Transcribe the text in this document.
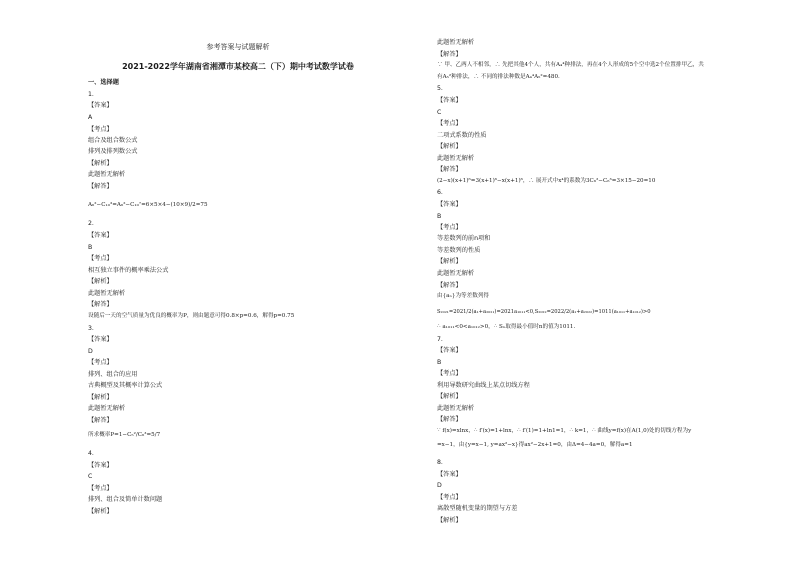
参考答案与试题解析
2021-2022学年湖南省湘潭市某校高二（下）期中考试数学试卷
一、选择题
1.
【答案】
A
【考点】
组合及组合数公式
排列及排列数公式
【解析】
此题暂无解析
【解答】
A₆²−C₁₀³=A₆²−C₁₀⁷=6×5×4−(10×9)/2=75
2.
【答案】
B
【考点】
相互独立事件的概率乘法公式
【解析】
此题暂无解析
【解答】
设随后一天的空气质量为优良的概率为P，则由题意可得0.8×p=0.6，解得p=0.75
3.
【答案】
D
【考点】
排列、组合的应用
古典概型及其概率计算公式
【解析】
此题暂无解析
【解答】
所求概率P=1−C₅²/C₆³=5/7
4.
【答案】
C
【考点】
排列、组合及简单计数问题
【解析】
此题暂无解析
【解答】
∵ 甲、乙两人不相邻，∴ 先把其他4个人，共有A₄⁴种排法，再在4个人形成的5个空中选2个位置排甲乙，共
有A₅²种排法，∴ 不同的排法种数是A₄⁴A₅²=480.
5.
【答案】
C
【考点】
二项式系数的性质
【解析】
此题暂无解析
【解答】
(2−x)(x+1)⁶=3(x+1)⁶−x(x+1)⁶，∴ 展开式中x⁴的系数为3C₆²−C₆³=3×15−20=10
6.
【答案】
B
【考点】
等差数列的前n项和
等差数列的性质
【解析】
此题暂无解析
【解答】
由{aₙ}为等差数列得
S₂₀₂₁=2021/2(a₁+a₂₀₂₁)=2021a₁₀₁₁<0,S₂₀₂₂=2022/2(a₁+a₂₀₂₂)=1011(a₁₀₁₁+a₁₀₁₂)>0
∴ a₁₀₁₁<0<a₁₀₁₂>0，∴ Sₙ取得最小值时n的值为1011.
7.
【答案】
B
【考点】
利用导数研究曲线上某点切线方程
【解析】
此题暂无解析
【解答】
∵ f(x)=xlnx，∴ f′(x)=1+lnx，∴ f′(1)=1+ln1=1，∴ k=1，∴ 曲线y=f(x)在A(1,0)处的切线方程为y
=x−1，由{y=x−1, y=ax²−x}得ax²−2x+1=0，由Δ=4−4a=0，解得a=1
8.
【答案】
D
【考点】
离散型随机变量的期望与方差
【解析】
